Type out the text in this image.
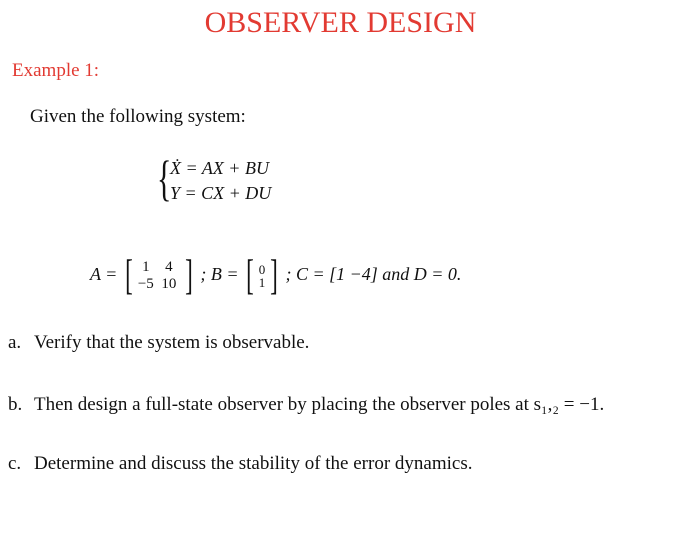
OBSERVER DESIGN
Example 1:
Given the following system:
{
Ẋ = AX + BU
Y = CX + DU
A = [ 1	4
−5 10 ] ; B = [ 0
1 ] ; C = [1 −4] and D = 0.
a. Verify that the system is observable.
b. Then design a full-state observer by placing the observer poles at s₁,₂ = −1.
c. Determine and discuss the stability of the error dynamics.
